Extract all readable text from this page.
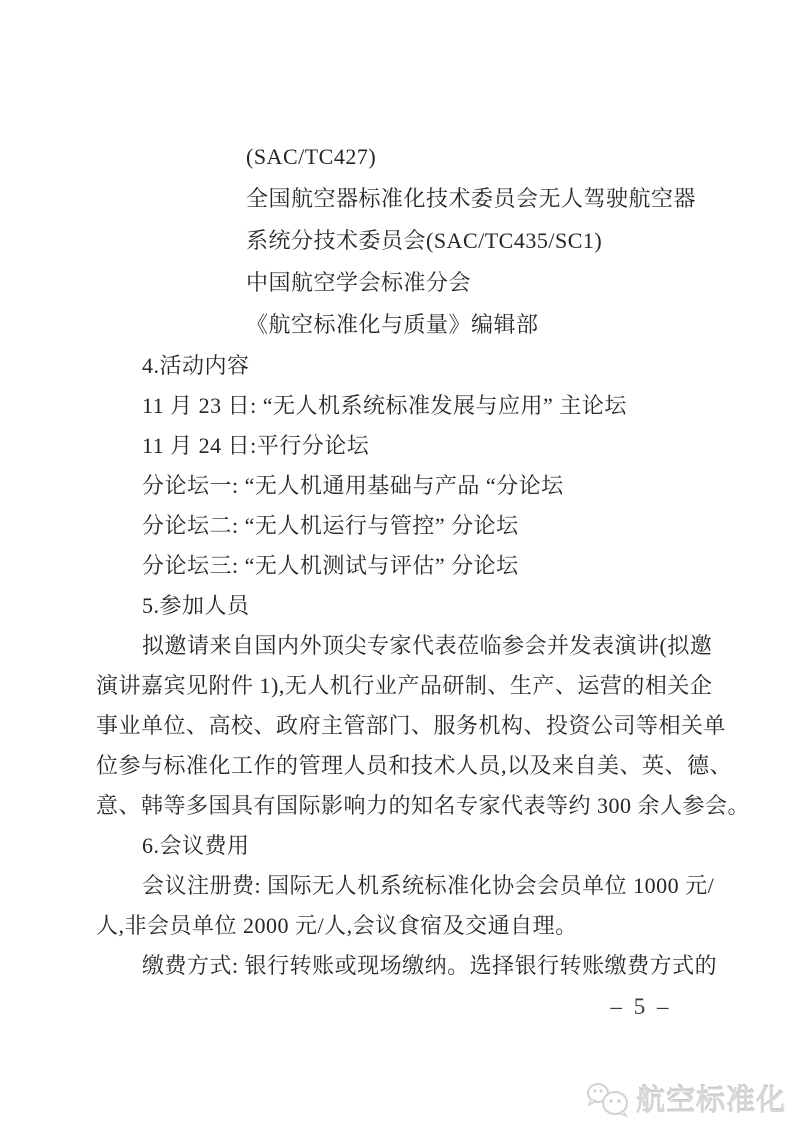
(SAC/TC427)
全国航空器标准化技术委员会无人驾驶航空器
系统分技术委员会(SAC/TC435/SC1)
中国航空学会标准分会
《航空标准化与质量》编辑部
4.活动内容
11 月 23 日: “无人机系统标准发展与应用” 主论坛
11 月 24 日:平行分论坛
分论坛一: “无人机通用基础与产品 “分论坛
分论坛二: “无人机运行与管控” 分论坛
分论坛三: “无人机测试与评估” 分论坛
5.参加人员
拟邀请来自国内外顶尖专家代表莅临参会并发表演讲(拟邀
演讲嘉宾见附件 1),无人机行业产品研制、生产、运营的相关企
事业单位、高校、政府主管部门、服务机构、投资公司等相关单
位参与标准化工作的管理人员和技术人员,以及来自美、英、德、
意、韩等多国具有国际影响力的知名专家代表等约 300 余人参会。
6.会议费用
会议注册费: 国际无人机系统标准化协会会员单位 1000 元/
人,非会员单位 2000 元/人,会议食宿及交通自理。
缴费方式: 银行转账或现场缴纳。选择银行转账缴费方式的
– 5 –
航空标准化
